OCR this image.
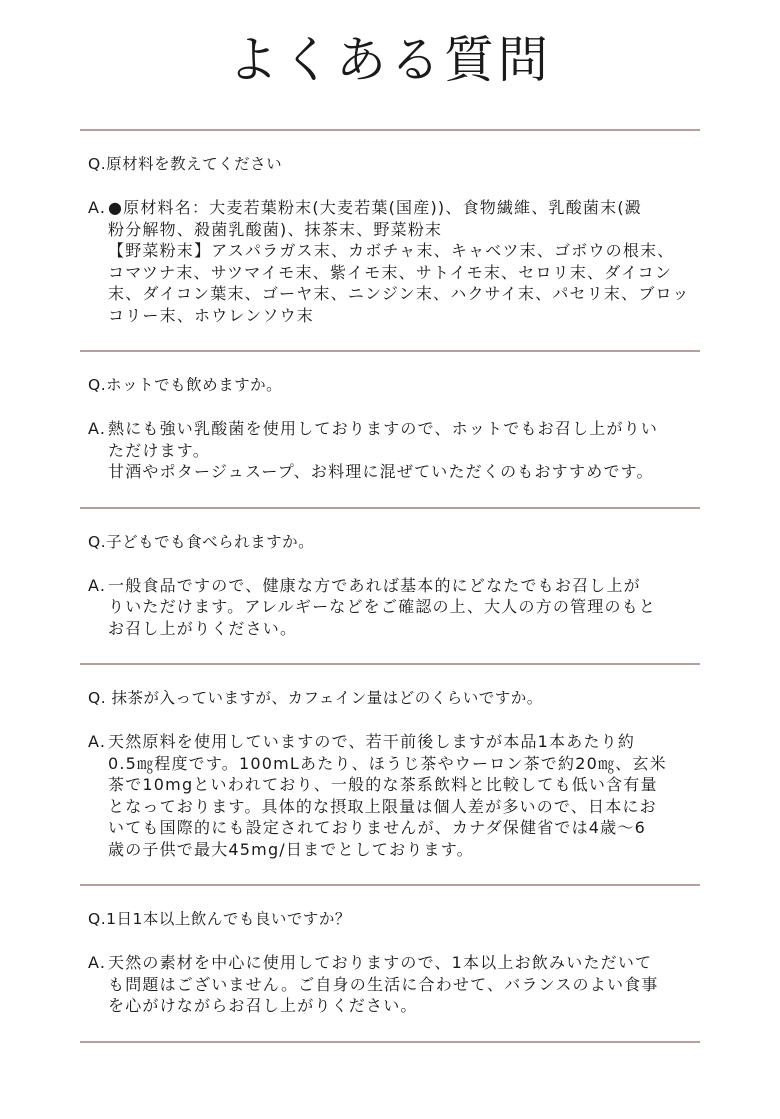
よくある質問

Q.原材料を教えてください

A. ●原材料名：大麦若葉粉末(大麦若葉(国産))、食物繊維、乳酸菌末(澱
粉分解物、殺菌乳酸菌)、抹茶末、野菜粉末
【野菜粉末】アスパラガス末、カボチャ末、キャベツ末、ゴボウの根末、
コマツナ末、サツマイモ末、紫イモ末、サトイモ末、セロリ末、ダイコン
末、ダイコン葉末、ゴーヤ末、ニンジン末、ハクサイ末、パセリ末、ブロッ
コリー末、ホウレンソウ末

Q.ホットでも飲めますか。

A. 熱にも強い乳酸菌を使用しておりますので、ホットでもお召し上がりい
ただけます。
甘酒やポタージュスープ、お料理に混ぜていただくのもおすすめです。

Q.子どもでも食べられますか。

A. 一般食品ですので、健康な方であれば基本的にどなたでもお召し上が
りいただけます。アレルギーなどをご確認の上、大人の方の管理のもと
お召し上がりください。

Q. 抹茶が入っていますが、カフェイン量はどのくらいですか。

A. 天然原料を使用していますので、若干前後しますが本品1本あたり約
0.5㎎程度です。100mLあたり、ほうじ茶やウーロン茶で約20㎎、玄米
茶で10mgといわれており、一般的な茶系飲料と比較しても低い含有量
となっております。具体的な摂取上限量は個人差が多いので、日本にお
いても国際的にも設定されておりませんが、カナダ保健省では4歳～6
歳の子供で最大45mg/日までとしております。

Q.1日1本以上飲んでも良いですか？

A. 天然の素材を中心に使用しておりますので、1本以上お飲みいただいて
も問題はございません。ご自身の生活に合わせて、バランスのよい食事
を心がけながらお召し上がりください。
